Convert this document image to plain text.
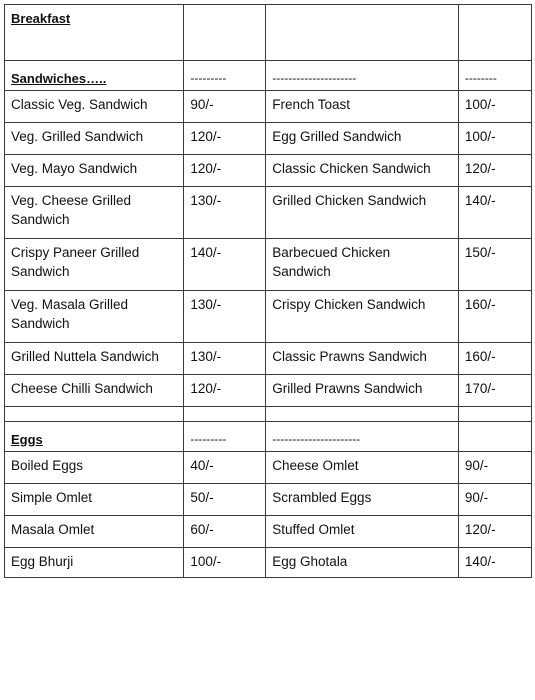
Breakfast			
Sandwiches…..	---------	---------------------	--------
Classic Veg. Sandwich	90/-	French Toast	100/-
Veg. Grilled Sandwich	120/-	Egg Grilled Sandwich	100/-
Veg. Mayo Sandwich	120/-	Classic Chicken Sandwich	120/-
Veg. Cheese Grilled Sandwich	130/-	Grilled Chicken Sandwich	140/-
Crispy Paneer Grilled Sandwich	140/-	Barbecued Chicken Sandwich	150/-
Veg. Masala Grilled Sandwich	130/-	Crispy Chicken Sandwich	160/-
Grilled Nuttela Sandwich	130/-	Classic Prawns Sandwich	160/-
Cheese Chilli Sandwich	120/-	Grilled Prawns Sandwich	170/-

Eggs	---------	----------------------	
Boiled Eggs	40/-	Cheese Omlet	90/-
Simple Omlet	50/-	Scrambled Eggs	90/-
Masala Omlet	60/-	Stuffed Omlet	120/-
Egg Bhurji	100/-	Egg Ghotala	140/-
